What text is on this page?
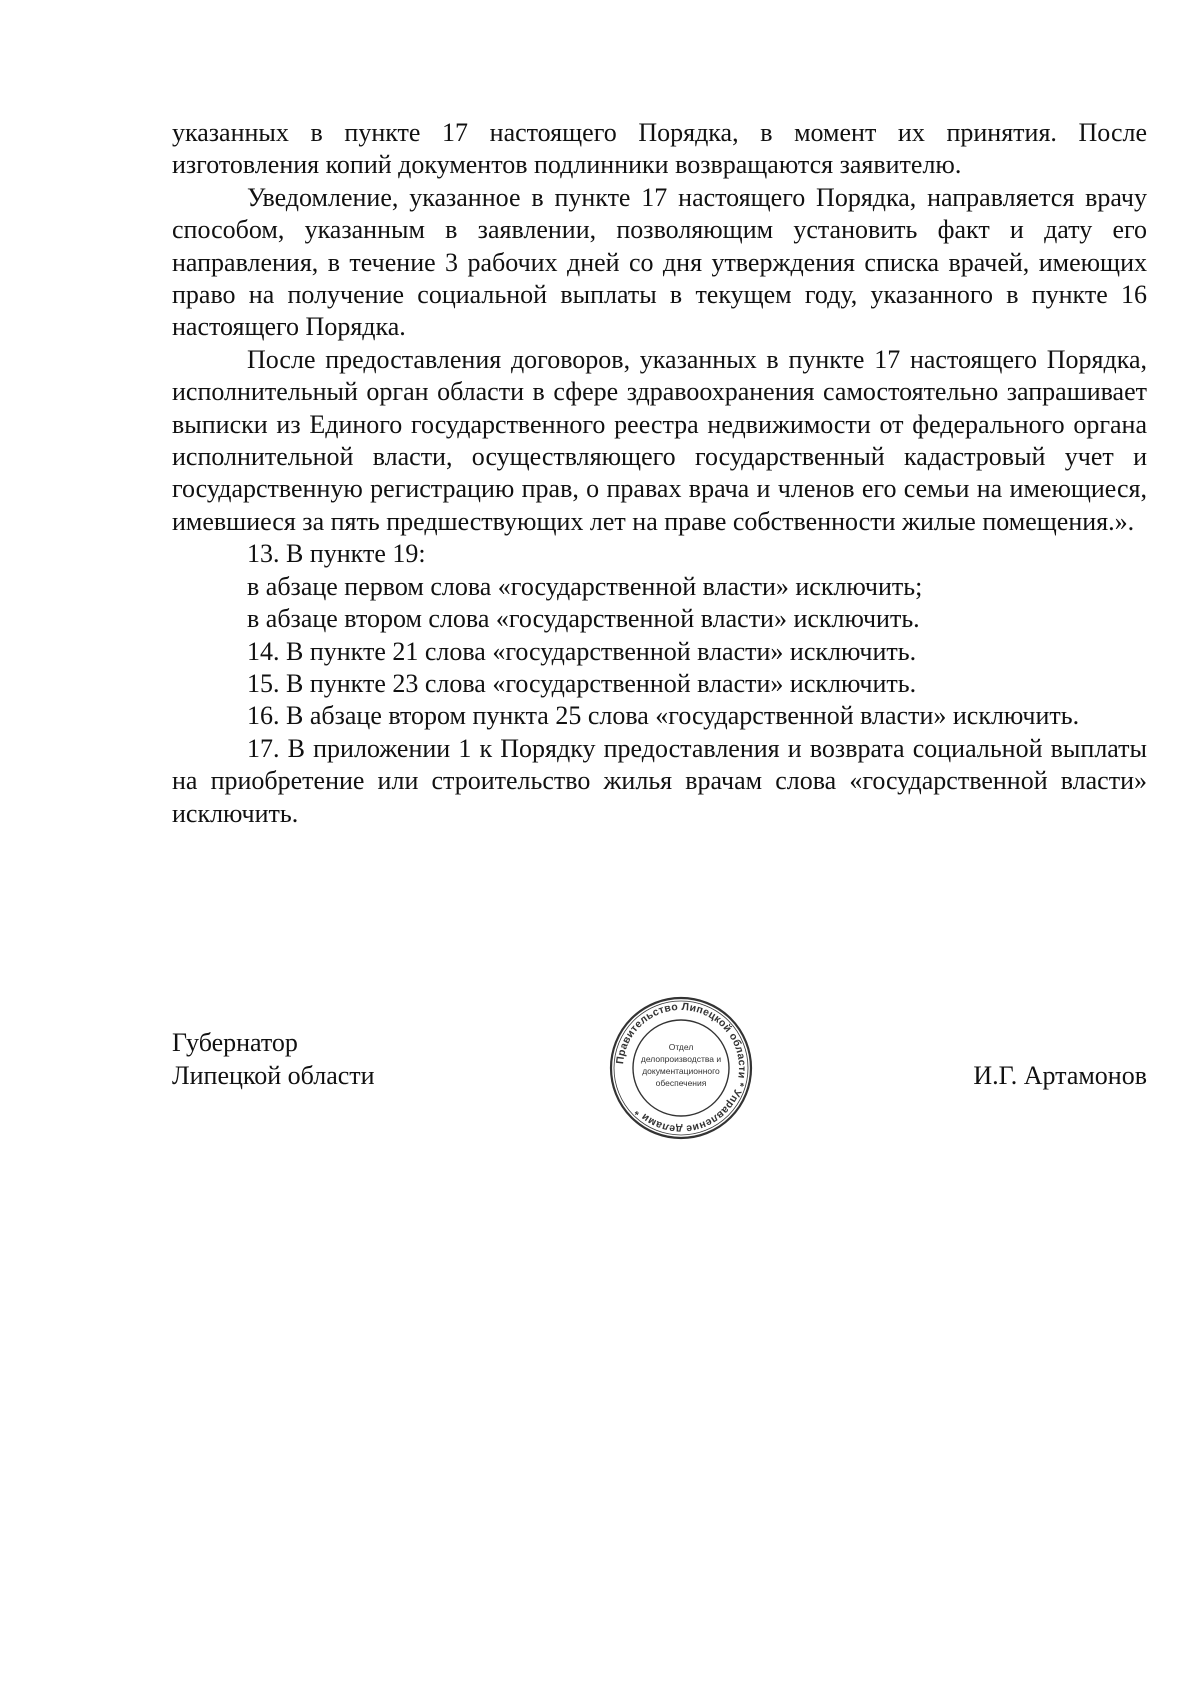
указанных в пункте 17 настоящего Порядка, в момент их принятия. После изготовления копий документов подлинники возвращаются заявителю.

Уведомление, указанное в пункте 17 настоящего Порядка, направляется врачу способом, указанным в заявлении, позволяющим установить факт и дату его направления, в течение 3 рабочих дней со дня утверждения списка врачей, имеющих право на получение социальной выплаты в текущем году, указанного в пункте 16 настоящего Порядка.

После предоставления договоров, указанных в пункте 17 настоящего Порядка, исполнительный орган области в сфере здравоохранения самостоятельно запрашивает выписки из Единого государственного реестра недвижимости от федерального органа исполнительной власти, осуществляющего государственный кадастровый учет и государственную регистрацию прав, о правах врача и членов его семьи на имеющиеся, имевшиеся за пять предшествующих лет на праве собственности жилые помещения.».

13. В пункте 19:

в абзаце первом слова «государственной власти» исключить;

в абзаце втором слова «государственной власти» исключить.

14. В пункте 21 слова «государственной власти» исключить.

15. В пункте 23 слова «государственной власти» исключить.

16. В абзаце втором пункта 25 слова «государственной власти» исключить.

17. В приложении 1 к Порядку предоставления и возврата социальной выплаты на приобретение или строительство жилья врачам слова «государственной власти» исключить.

Губернатор
Липецкой области	И.Г. Артамонов
Правительство Липецкой области * Управление делами *
Отдел
делопроизводства и
документационного
обеспечения
